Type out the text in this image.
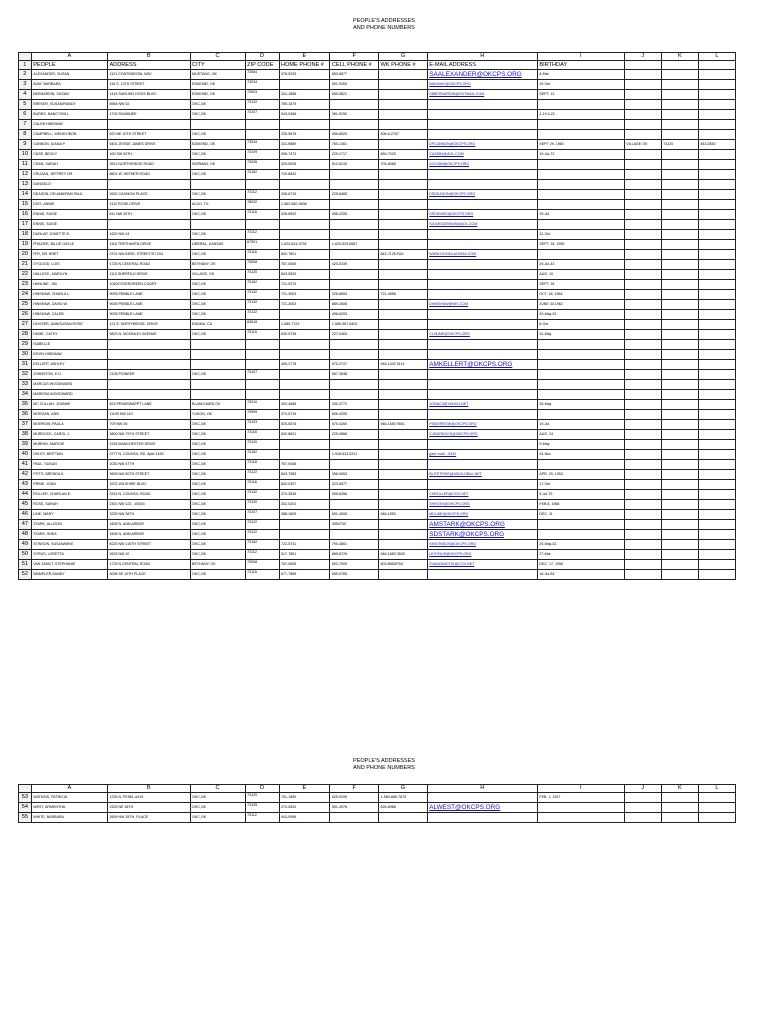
PEOPLE'S ADDRESSES
AND PHONE NUMBERS
	A	B	C	D	E	F	G	H	I	J	K	L
1	PEOPLE	ADDRESS	CITY	ZIP CODE	HOME PHONE #	CELL PHONE #	WK PHONE #	E-MAIL ADDRESS	BIRTHDAY			
2	ALEXANDER, SUSAN	1121 CONTINENTAL WAY	MUSTANG, OK	73064	376-5225	850-6877		SAALEXANDER@OKCPS.ORG	8-Mar			
3	AVAY, BARBARA	116 S. 13TH STREET	EDMOND, OK	73034		501-9265		BARAVAY@OKCPS.ORG	29-Oct			
4	BERNARDIN, SUSAN	1415 SARLING HOOS BLVD.	EDMOND, OK	73003	341-1888	659-5821		SBBERNARDIN@HOTMAIL.COM	SEPT. 13			
5	BREKER, SUSAN/RANDY	8954 NW 32	OKC,OK	73122	789-1879							
6	BURNS, NANCY/BILL	1709 SHAWNEE	OKC,OK	73107	943-0366	361-9250			2-19 4-22			
7	CALEB HINSHAW											
8	CAMPBELL, WENDY/BOB	623 NE 10TH STREET	OKC,OK		235-5878	496-6520	306-6-2767					
9	CANNON, DIANA P.	5401 JESSIE JAMES DRIVE	EDMOND, OK	73034	341-9889	760-1361		DPCANNON@OKCPS.ORG	SEPT 29, 1960	VILLAGE OK	73120	843-0830
10	CASE, BECKY	100 SW 54TH	OKC,OK	73109	595-7472	229-1717	659-7029	CASEB4@AOL.COM	19-Jul-72			
11	CHAN, SARAH	3913 NORTHRIDGE ROAD	NORMAN, OK	73026	329-5005	512-6249	703-8085	SJCHAN@OKCPS.ORG				
12	CRUZAN, JEFFREY DR.	8601 W. HEFNER ROAD	OKC,OK	73162	720-8842							
13	DANGELO											
14	DEASON, DR.ANN/PAM PAUL	2632 CASHION PLACE	OKC,OK	73112	206-6719	225-6465		DRDEASON@OKCPS.ORG				
15	DIXS, ANNIE	2112 ROSE DRIVE	ALDO, TX.	78032	1-562-560-9608							
16	ENNIS, SUSIE	811 NW 30TH	OKC,OK	73118	528-8902	496-2255		SRDENNIS@OKCPS.ORG	29-Jul			
17	ENNIS, SUSIE							SJLWEDDENNIS@AOL.COM				
18	DUNLAP, JONETTE E.	1620 NW 14	OKC,OK	73112					31-Oct			
19	FRAZIER, BILLIE GAYLE	1116 TRETHAVEN DRIVE	LIBERAL, KANSAS	67901	1-620-624-9792	1-620-629-5667			SEPT. 28, 1959			
20	FRY, DR. BRET	3701 NW 63RD, STREET/ST.204	OKC,OK	73116	842-7801		842-7125-FAX	WWW.DOKIDLAHOMA.COM				
21	GYGOOD, LOIS	1725 N CENTRAL ROAD	BETHANY, OK	73008	787-0655	420-0339			29-Jul-43			
22	HALLECK, MARILYN	1113 SHERFILD DRIVE	VILLAGE, OK	73120	843-0830				AUG. 10			
23	HANLINE, JIM	10409 EVERGREEN COURT	OKC,OK	73162	721-5274				SEPT. 28			
24	HINSHAW, CHARLA L.	9005 PEBBLE LANE	OKC,OK	73132	721-3003	326-8853	721-4956		OCT. 18, 1964			
25	HINSHAW, DAVID W.	9005 PEBBLE LANE	OKC,OK	73132	721-3003	889-4508		DHINSHAW@MIS.COM	JUNE 30,1962			
26	HINSHAW, CALEB	9005 PEBBLE LANE	OKC,OK	73132		496-6293			20-May-91			
27	HOOVER, ANN/SUSAN ROSE	121 E. NORTHRIDGE, DRIVE	ENUMA, CA	83618	1-589-7723	1-589-967-6402			8-Oct			
28	HUME, CATHY	9823 N. MCKINLEY AVENUE	OKC,OK	73119	630-5728	227-0463		CLHUME@OKCPS.ORG	31-May			
29	ISABELLE											
30	KEVIN HINSHAW											
31	KELLERT, ASHLEY				405-2778	570-2747	946-1432 5114	AMKELLERT@OKCPS.ORG				
32	JOHNSTON, E.D.	2126 PIONEER	OKC,OK	73107		567-3838						
33	MARCUS WOODWARD											
34	MARISSA WOODWARD											
35	MC CULLAH, JOANNE	823 PENNSWAPPT LANE	BLANCHARD,OK	73010	392-4686	250-3772		JOMAC3@YAHOO.NET	30-May			
36	MORGAN, ANN	11109 NW 110	YUKON, OK	73099	373-5715	606-4259						
37	MORROW, PAULA	709 NW 28	OKC,OK	73103	525-6575	570-4260	946-1650 9501	PSMORROW@OKCPS.ORG	19-Jul			
38	MURDOCK, CAROL J.	3800 NW 79TH STREET	OKC,OK	73116	842-8621	229-0866		CJMURDOCK@OKCPS.ORG	AUG. 24			
39	MURRAY, MARGIE	2316 MANCHESTER DRIVE	OKC,OK	73120					9-May			
40	OKLEY, BRITTAIN	3777 N. COUNCIL RD. Apt# 1426	OKC,OK	73162		1-918-633-5311		gate code - 0342	24-Nov			
41	PAUL, SUSAN	2030 NW 47TH	OKC,OK	73118	767-9408							
42	PITTS, BRENDA K.	3605 NW 50TH STREET	OKC,OK	73122	843-7983	396-0653		BLITETRIKE@ASIGLOBAL.NET	APR. 29, 1953			
43	PRINE, JOAN	3222 WILSHIRE BLVD.	OKC,OK	73116	842-0307	323-5877			17-Oct			
44	ROLLER, CHARLAN E.	3315 N. COUNCIL ROAD	OKC,OK	73132	370-3535	305-6356		CHROLLER@COX.NET	5-Jul-70			
45	ROSS, SARAH	2301 NW 122 - #3015	OKC,OK	73120	302-0201			SHROSS@OKCPS.ORG	FEB 8, 1968			
46	LINE, MARY	3225 NW 38TH	OKC,OK	73107	388-1605	501-4608	946-1550	MDLINE@OKCPS.ORG	DEC. 11			
47	STARK, ALLISON	1608 N. ANN ARBOR	OKC,OK	73122		3554750		AMSTARK@OKCPS.ORG				
48	STARK, SHEA	1608 N. ANN ARBOR	OKC,OK	73122				SDSTARK@OKCPS.ORG				
49	STINSON, SUSAN/MIKE	8220 NW 115TH STREET	OKC,OK	73162	722-5741	790-4861		SMSTINSON@OKCPS.ORG	20-May-51			
50	SYRUS, LORETTA	2633 NW 10	OKC,OK	73112	517-7851	889-5726	946-1650 3505	LESYRUS@OKCPS.ORG	27-Mar			
51	VAN ZANDT, STEPHANIE	1725 N CENTRAL ROAD	BETHANY, OK	73008	787-0655	602-7509	603 8565/FAX	SVANZANDT51@COX.NET	DEC. 17, 1950			
52	WAMPLER,SANDY	3008 SE 10TH PLACE	OKC,OK	73115	677-7855	650-0765			16-Jul-54			
PEOPLE'S ADDRESSES
AND PHONE NUMBERS
	A	B	C	D	E	F	G	H	I	J	K	L
53	WATKINS, PATRICIA	1235 N. PENN.-#419	OKC,OK	73120	751-1890	625-5299	1-580-865-7675		FEB. 1, 1937			
54	WEST, ARMENTHA	2325 NE 18TH	OKC,OK	73105	270-0632	501-4976	626-8988	ALWEST@OKCPS.ORG				
55	WHITE, BARBARA	2609 NW 35TH, PLACE	OKC,OK	73112	943-0996							
